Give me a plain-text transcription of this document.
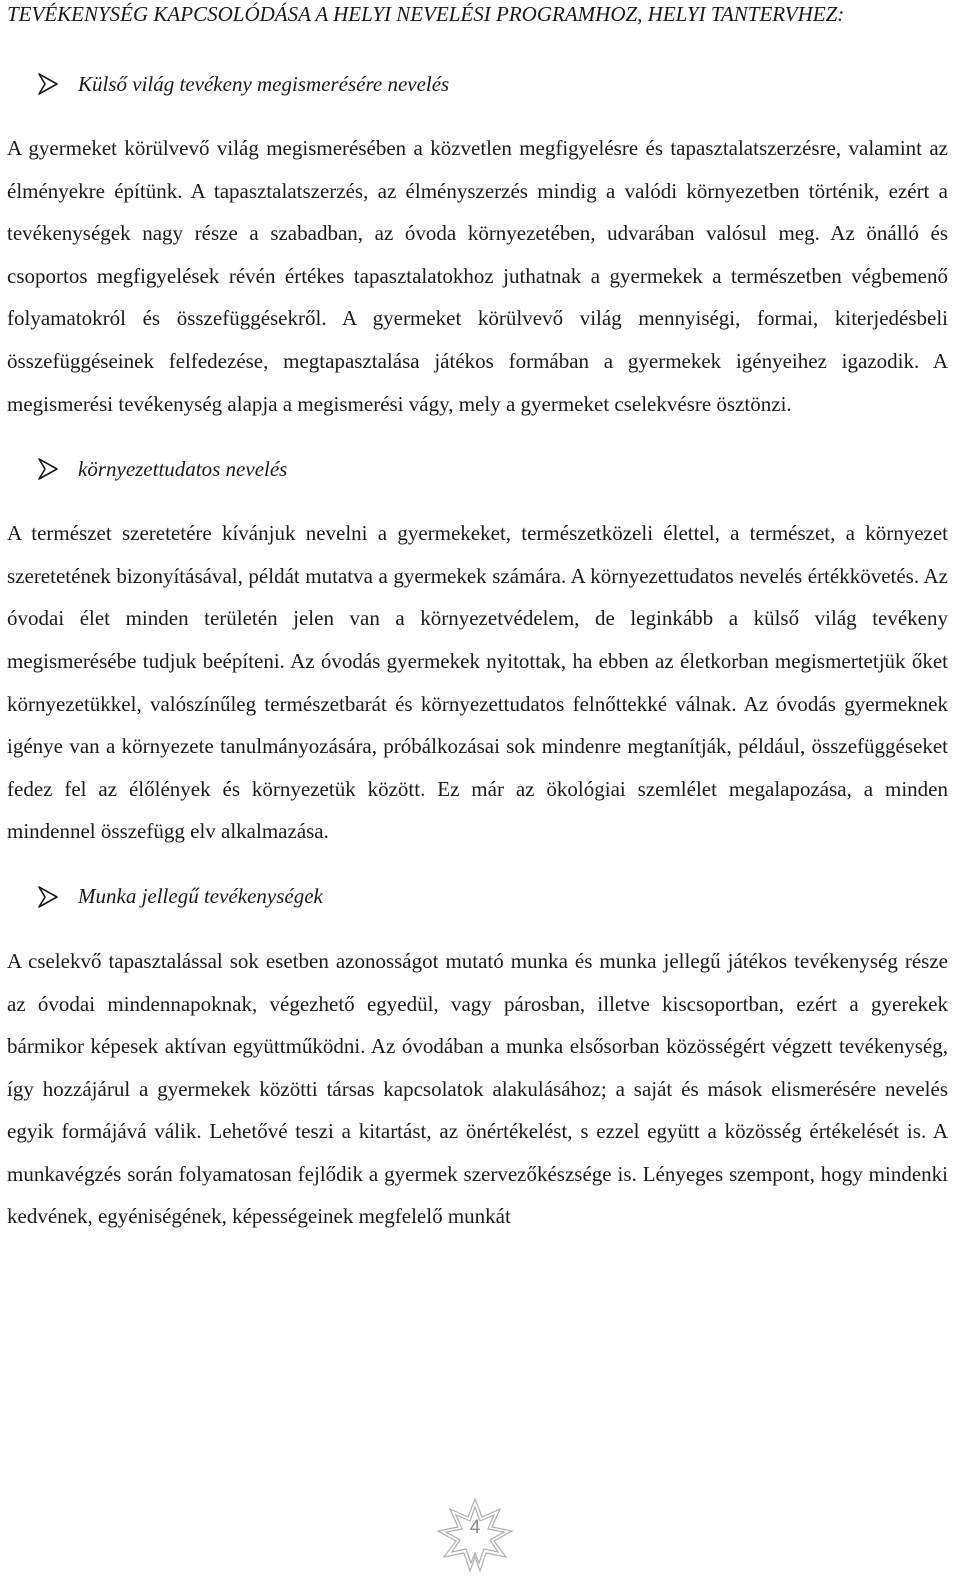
TEVÉKENYSÉG KAPCSOLÓDÁSA A HELYI NEVELÉSI PROGRAMHOZ, HELYI TANTERVHEZ:

Külső világ tevékeny megismerésére nevelés

A gyermeket körülvevő világ megismerésében a közvetlen megfigyelésre és tapasztalatszerzésre, valamint az élményekre építünk. A tapasztalatszerzés, az élményszerzés mindig a valódi környezetben történik, ezért a tevékenységek nagy része a szabadban, az óvoda környezetében, udvarában valósul meg. Az önálló és csoportos megfigyelések révén értékes tapasztalatokhoz juthatnak a gyermekek a természetben végbemenő folyamatokról és összefüggésekről. A gyermeket körülvevő világ mennyiségi, formai, kiterjedésbeli összefüggéseinek felfedezése, megtapasztalása játékos formában a gyermekek igényeihez igazodik. A megismerési tevékenység alapja a megismerési vágy, mely a gyermeket cselekvésre ösztönzi.

környezettudatos nevelés

A természet szeretetére kívánjuk nevelni a gyermekeket, természetközeli élettel, a természet, a környezet szeretetének bizonyításával, példát mutatva a gyermekek számára. A környezettudatos nevelés értékkövetés. Az óvodai élet minden területén jelen van a környezetvédelem, de leginkább a külső világ tevékeny megismerésébe tudjuk beépíteni. Az óvodás gyermekek nyitottak, ha ebben az életkorban megismertetjük őket környezetükkel, valószínűleg természetbarát és környezettudatos felnőttekké válnak. Az óvodás gyermeknek igénye van a környezete tanulmányozására, próbálkozásai sok mindenre megtanítják, például, összefüggéseket fedez fel az élőlények és környezetük között. Ez már az ökológiai szemlélet megalapozása, a minden mindennel összefügg elv alkalmazása.

Munka jellegű tevékenységek

A cselekvő tapasztalással sok esetben azonosságot mutató munka és munka jellegű játékos tevékenység része az óvodai mindennapoknak, végezhető egyedül, vagy párosban, illetve kiscsoportban, ezért a gyerekek bármikor képesek aktívan együttműködni. Az óvodában a munka elsősorban közösségért végzett tevékenység, így hozzájárul a gyermekek közötti társas kapcsolatok alakulásához; a saját és mások elismerésére nevelés egyik formájává válik. Lehetővé teszi a kitartást, az önértékelést, s ezzel együtt a közösség értékelését is. A munkavégzés során folyamatosan fejlődik a gyermek szervezőkészsége is. Lényeges szempont, hogy mindenki kedvének, egyéniségének, képességeinek megfelelő munkát

4
